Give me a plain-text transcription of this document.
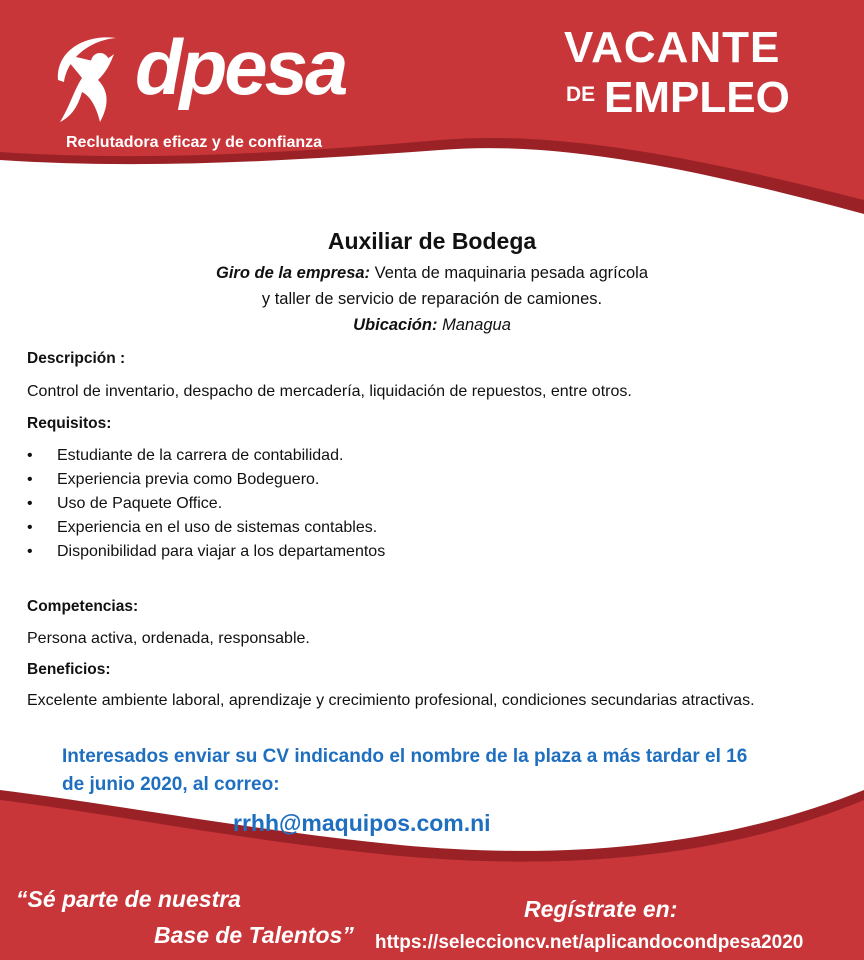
dpesa
Reclutadora eficaz y de confianza
VACANTE
DE EMPLEO
Auxiliar de Bodega
Giro de la empresa: Venta de maquinaria pesada agrícola
y taller de servicio de reparación de camiones.
Ubicación: Managua
Descripción :
Control de inventario, despacho de mercadería, liquidación de repuestos, entre otros.
Requisitos:
• Estudiante de la carrera de contabilidad.
• Experiencia previa como Bodeguero.
• Uso de Paquete Office.
• Experiencia en el uso de sistemas contables.
• Disponibilidad para viajar a los departamentos
Competencias:
Persona activa, ordenada, responsable.
Beneficios:
Excelente ambiente laboral, aprendizaje y crecimiento profesional, condiciones secundarias atractivas.
Interesados enviar su CV indicando el nombre de la plaza a más tardar el 16
de junio 2020, al correo:
rrhh@maquipos.com.ni
“Sé parte de nuestra
Base de Talentos”
Regístrate en:
https://seleccioncv.net/aplicandocondpesa2020
